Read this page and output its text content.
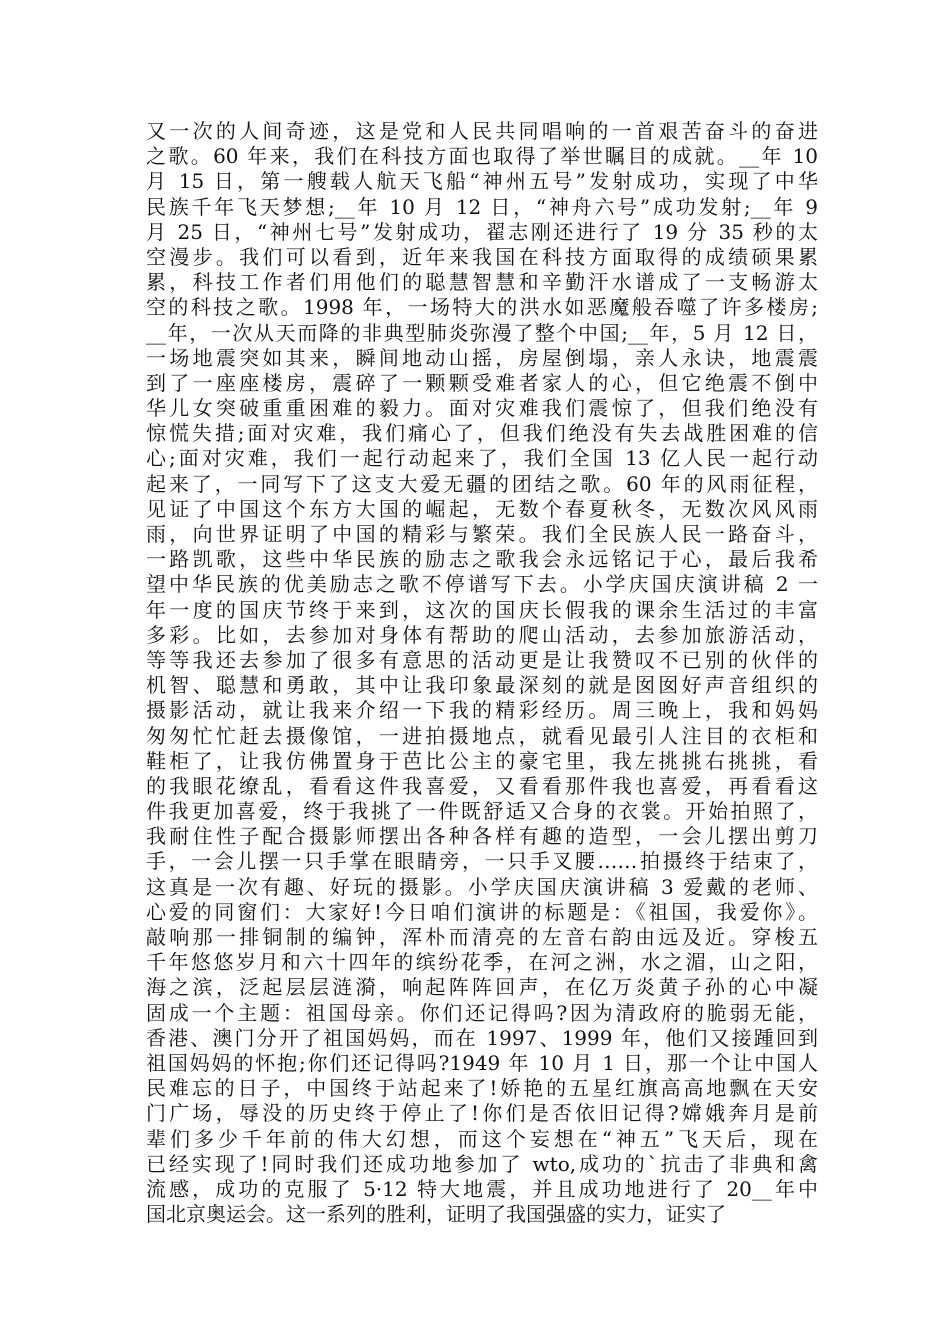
又一次的人间奇迹，这是党和人民共同唱响的一首艰苦奋斗的奋进
之歌。60 年来，我们在科技方面也取得了举世瞩目的成就。__年 10
月 15 日，第一艘载人航天飞船“神州五号”发射成功，实现了中华
民族千年飞天梦想;__年 10 月 12 日，“神舟六号”成功发射;__年 9
月 25 日，“神州七号”发射成功，翟志刚还进行了 19 分 35 秒的太
空漫步。我们可以看到，近年来我国在科技方面取得的成绩硕果累
累，科技工作者们用他们的聪慧智慧和辛勤汗水谱成了一支畅游太
空的科技之歌。1998 年，一场特大的洪水如恶魔般吞噬了许多楼房;
__年，一次从天而降的非典型肺炎弥漫了整个中国;__年，5 月 12 日，
一场地震突如其来，瞬间地动山摇，房屋倒塌，亲人永诀，地震震
到了一座座楼房，震碎了一颗颗受难者家人的心，但它绝震不倒中
华儿女突破重重困难的毅力。面对灾难我们震惊了，但我们绝没有
惊慌失措;面对灾难，我们痛心了，但我们绝没有失去战胜困难的信
心;面对灾难，我们一起行动起来了，我们全国 13 亿人民一起行动
起来了，一同写下了这支大爱无疆的团结之歌。60 年的风雨征程，
见证了中国这个东方大国的崛起，无数个春夏秋冬，无数次风风雨
雨，向世界证明了中国的精彩与繁荣。我们全民族人民一路奋斗，
一路凯歌，这些中华民族的励志之歌我会永远铭记于心，最后我希
望中华民族的优美励志之歌不停谱写下去。小学庆国庆演讲稿 2 一
年一度的国庆节终于来到，这次的国庆长假我的课余生活过的丰富
多彩。比如，去参加对身体有帮助的爬山活动，去参加旅游活动，
等等我还去参加了很多有意思的活动更是让我赞叹不已别的伙伴的
机智、聪慧和勇敢，其中让我印象最深刻的就是囡囡好声音组织的
摄影活动，就让我来介绍一下我的精彩经历。周三晚上，我和妈妈
匆匆忙忙赶去摄像馆，一进拍摄地点，就看见最引人注目的衣柜和
鞋柜了，让我仿佛置身于芭比公主的豪宅里，我左挑挑右挑挑，看
的我眼花缭乱，看看这件我喜爱，又看看那件我也喜爱，再看看这
件我更加喜爱，终于我挑了一件既舒适又合身的衣裳。开始拍照了，
我耐住性子配合摄影师摆出各种各样有趣的造型，一会儿摆出剪刀
手，一会儿摆一只手掌在眼睛旁，一只手叉腰……拍摄终于结束了，
这真是一次有趣、好玩的摄影。小学庆国庆演讲稿 3 爱戴的老师、
心爱的同窗们：大家好!今日咱们演讲的标题是：《祖国，我爱你》。
敲响那一排铜制的编钟，浑朴而清亮的左音右韵由远及近。穿梭五
千年悠悠岁月和六十四年的缤纷花季，在河之洲，水之湄，山之阳，
海之滨，泛起层层涟漪，响起阵阵回声，在亿万炎黄子孙的心中凝
固成一个主题：祖国母亲。你们还记得吗?因为清政府的脆弱无能，
香港、澳门分开了祖国妈妈，而在 1997、1999 年，他们又接踵回到
祖国妈妈的怀抱;你们还记得吗?1949 年 10 月 1 日，那一个让中国人
民难忘的日子，中国终于站起来了!娇艳的五星红旗高高地飘在天安
门广场，辱没的历史终于停止了!你们是否依旧记得?嫦娥奔月是前
辈们多少千年前的伟大幻想，而这个妄想在“神五”飞天后，现在
已经实现了!同时我们还成功地参加了 wto,成功的`抗击了非典和禽
流感，成功的克服了 5·12 特大地震，并且成功地进行了 20__年中
国北京奥运会。这一系列的胜利，证明了我国强盛的实力，证实了
